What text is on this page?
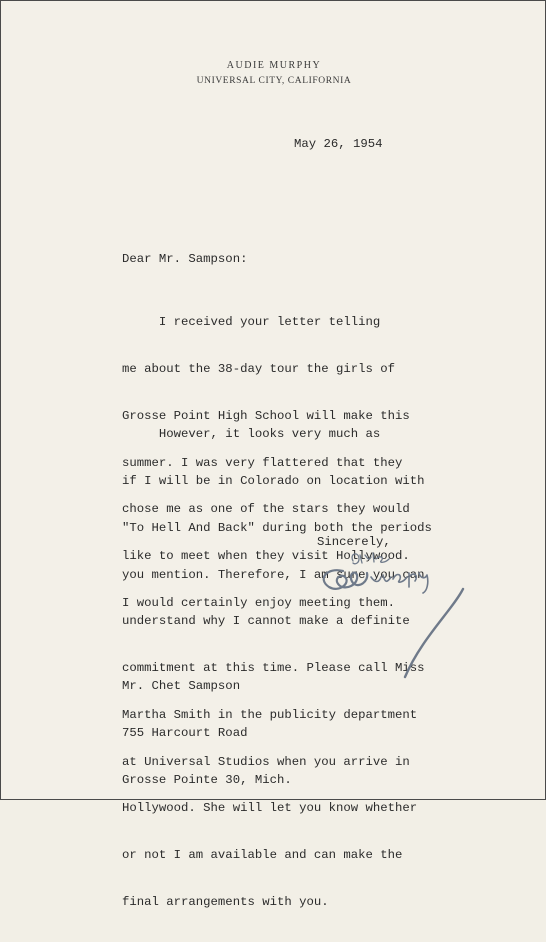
AUDIE MURPHY
UNIVERSAL CITY, CALIFORNIA
May 26, 1954
Dear Mr. Sampson:

I received your letter telling

me about the 38-day tour the girls of

Grosse Point High School will make this

summer. I was very flattered that they

chose me as one of the stars they would

like to meet when they visit Hollywood.

I would certainly enjoy meeting them.

However, it looks very much as

if I will be in Colorado on location with

"To Hell And Back" during both the periods

you mention. Therefore, I am sure you can

understand why I cannot make a definite

commitment at this time. Please call Miss

Martha Smith in the publicity department

at Universal Studios when you arrive in

Hollywood. She will let you know whether

or not I am available and can make the

final arrangements with you.

Sincerely,

Mr. Chet Sampson

755 Harcourt Road

Grosse Pointe 30, Mich.
